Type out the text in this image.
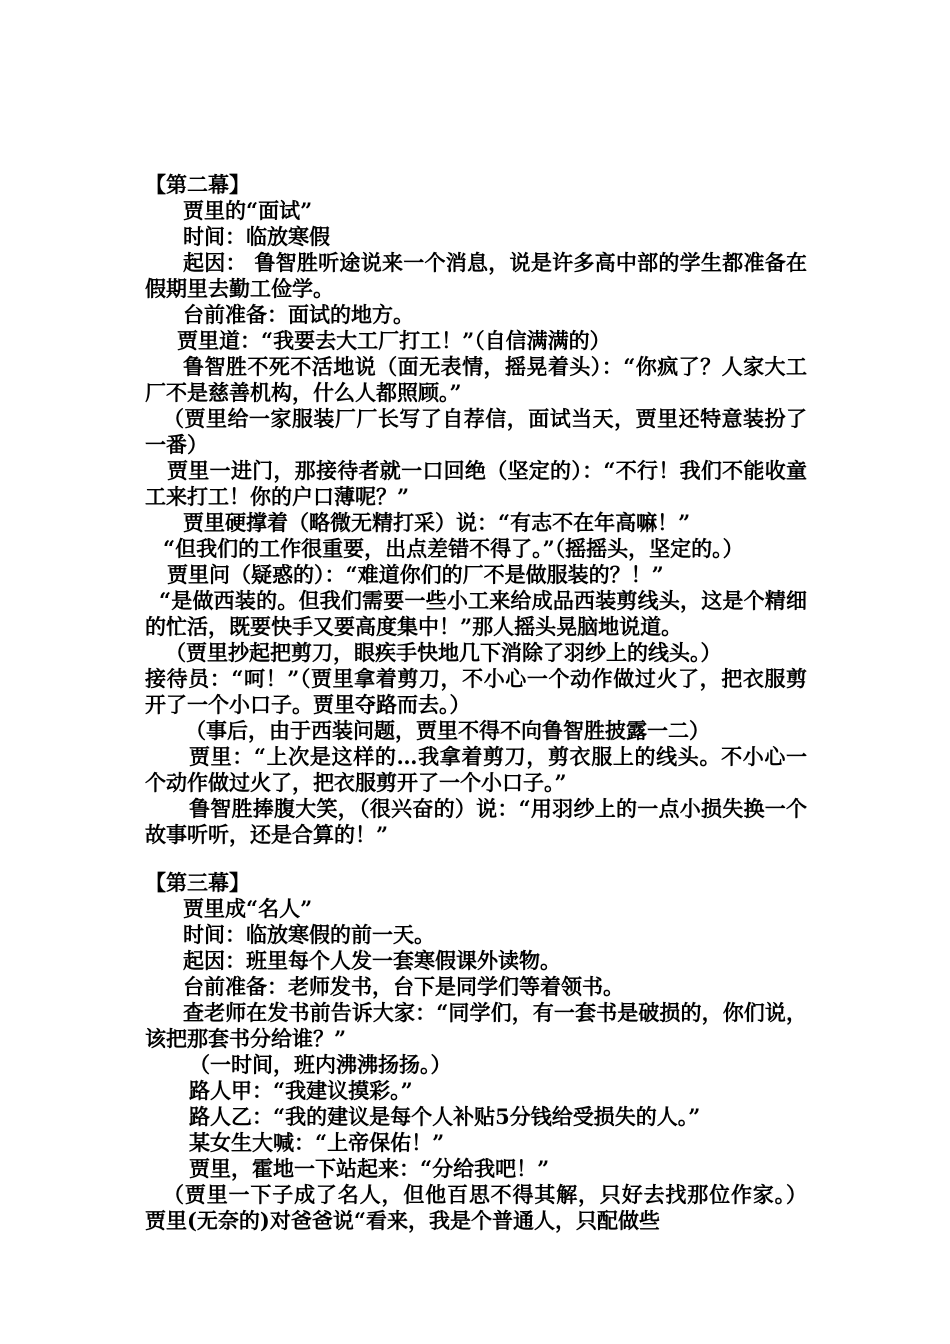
【第二幕】

贾里的“面试”

时间：临放寒假

起因： 鲁智胜听途说来一个消息，说是许多高中部的学生都准备在假期里去勤工俭学。

台前准备：面试的地方。

贾里道：“我要去大工厂打工！”（自信满满的）

鲁智胜不死不活地说（面无表情，摇晃着头）：“你疯了？人家大工厂不是慈善机构，什么人都照顾。”

（贾里给一家服装厂厂长写了自荐信，面试当天，贾里还特意装扮了一番）

贾里一进门，那接待者就一口回绝（坚定的）：“不行！我们不能收童工来打工！你的户口薄呢？”

贾里硬撑着（略微无精打采）说：“有志不在年高嘛！”

“但我们的工作很重要，出点差错不得了。”（摇摇头，坚定的。）

贾里问（疑惑的）：“难道你们的厂不是做服装的？！”

“是做西装的。但我们需要一些小工来给成品西装剪线头，这是个精细的忙活，既要快手又要高度集中！”那人摇头晃脑地说道。

（贾里抄起把剪刀，眼疾手快地几下消除了羽纱上的线头。）

接待员：“呵！”（贾里拿着剪刀，不小心一个动作做过火了，把衣服剪开了一个小口子。贾里夺路而去。）

（事后，由于西装问题，贾里不得不向鲁智胜披露一二）

贾里：“上次是这样的…我拿着剪刀，剪衣服上的线头。不小心一个动作做过火了，把衣服剪开了一个小口子。”

鲁智胜捧腹大笑，（很兴奋的）说：“用羽纱上的一点小损失换一个故事听听，还是合算的！”

【第三幕】

贾里成“名人”

时间：临放寒假的前一天。

起因：班里每个人发一套寒假课外读物。

台前准备：老师发书，台下是同学们等着领书。

查老师在发书前告诉大家：“同学们，有一套书是破损的，你们说，该把那套书分给谁？”

（一时间，班内沸沸扬扬。）

路人甲：“我建议摸彩。”

路人乙：“我的建议是每个人补贴5分钱给受损失的人。”

某女生大喊：“上帝保佑！”

贾里，霍地一下站起来：“分给我吧！”

（贾里一下子成了名人，但他百思不得其解，只好去找那位作家。） 贾里(无奈的)对爸爸说“看来，我是个普通人，只配做些
